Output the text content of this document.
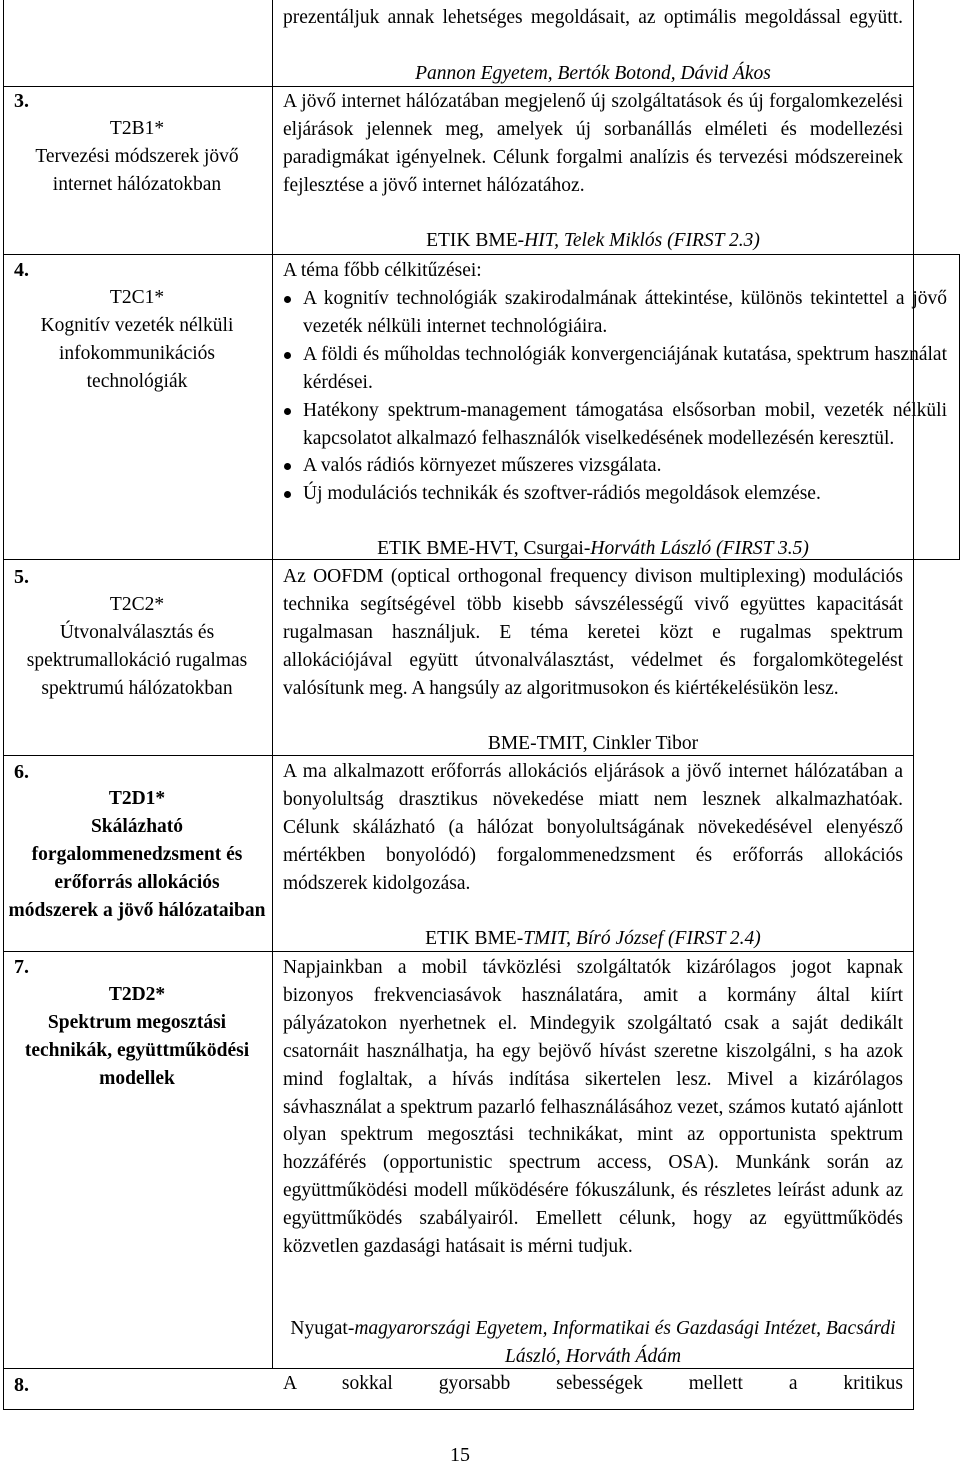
prezentáljuk annak lehetséges megoldásait, az optimális megoldással együtt.

Pannon Egyetem, Bertók Botond, Dávid Ákos

3.

T2B1*

Tervezési módszerek jövő internet hálózatokban

A jövő internet hálózatában megjelenő új szolgáltatások és új forgalomkezelési eljárások jelennek meg, amelyek új sorbanállás elméleti és modellezési paradigmákat igényelnek. Célunk forgalmi analízis és tervezési módszereinek fejlesztése a jövő internet hálózatához.

ETIK BME-HIT, Telek Miklós (FIRST 2.3)

4.

T2C1*

Kognitív vezeték nélküli infokommunikációs technológiák

A téma főbb célkitűzései:

A kognitív technológiák szakirodalmának áttekintése, különös tekintettel a jövő vezeték nélküli internet technológiáira.
A földi és műholdas technológiák konvergenciájának kutatása, spektrum használat kérdései.
Hatékony spektrum-management támogatása elsősorban mobil, vezeték nélküli kapcsolatot alkalmazó felhasználók viselkedésének modellezésén keresztül.
A valós rádiós környezet műszeres vizsgálata.
Új modulációs technikák és szoftver-rádiós megoldások elemzése.

ETIK BME-HVT, Csurgai-Horváth László (FIRST 3.5)

5.

T2C2*

Útvonalválasztás és spektrumallokáció rugalmas spektrumú hálózatokban

Az OOFDM (optical orthogonal frequency divison multiplexing) modulációs technika segítségével több kisebb sávszélességű vivő együttes kapacitását rugalmasan használjuk. E téma keretei közt e rugalmas spektrum allokációjával együtt útvonalválasztást, védelmet és forgalomkötegelést valósítunk meg. A hangsúly az algoritmusokon és kiértékelésükön lesz.

BME-TMIT, Cinkler Tibor

6.

T2D1*

Skálázható forgalommenedzsment és erőforrás allokációs módszerek a jövő hálózataiban

A ma alkalmazott erőforrás allokációs eljárások a jövő internet hálózatában a bonyolultság drasztikus növekedése miatt nem lesznek alkalmazhatóak. Célunk skálázható (a hálózat bonyolultságának növekedésével elenyésző mértékben bonyolódó) forgalommenedzsment és erőforrás allokációs módszerek kidolgozása.

ETIK BME-TMIT, Bíró József (FIRST 2.4)

7.

T2D2*

Spektrum megosztási technikák, együttműködési modellek

Napjainkban a mobil távközlési szolgáltatók kizárólagos jogot kapnak bizonyos frekvenciasávok használatára, amit a kormány által kiírt pályázatokon nyerhetnek el. Mindegyik szolgáltató csak a saját dedikált csatornáit használhatja, ha egy bejövő hívást szeretne kiszolgálni, s ha azok mind foglaltak, a hívás indítása sikertelen lesz. Mivel a kizárólagos sávhasználat a spektrum pazarló felhasználásához vezet, számos kutató ajánlott olyan spektrum megosztási technikákat, mint az opportunista spektrum hozzáférés (opportunistic spectrum access, OSA). Munkánk során az együttműködési modell működésére fókuszálunk, és részletes leírást adunk az együttműködés szabályairól. Emellett célunk, hogy az együttműködés közvetlen gazdasági hatásait is mérni tudjuk.

Nyugat-magyarországi Egyetem, Informatikai és Gazdasági Intézet, Bacsárdi László, Horváth Ádám

8.	A sokkal gyorsabb sebességek mellett a kritikus

15
